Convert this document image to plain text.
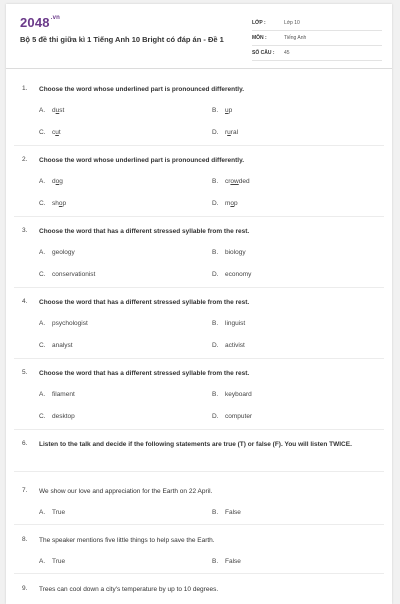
$2048^{.vn}$
Bộ 5 đề thi giữa kì 1 Tiếng Anh 10 Bright có đáp án - Đề 1
LỚP :	Lớp 10
MÔN :	Tiếng Anh
SỐ CÂU : 45
1. Choose the word whose underlined part is pronounced differently.
A. dust	B. up
C. cut	D. rural
2. Choose the word whose underlined part is pronounced differently.
A. dog	B. crowded
C. shop	D. mop
3. Choose the word that has a different stressed syllable from the rest.
A. geology	B. biology
C. conservationist	D. economy
4. Choose the word that has a different stressed syllable from the rest.
A. psychologist	B. linguist
C. analyst	D. activist
5. Choose the word that has a different stressed syllable from the rest.
A. filament	B. keyboard
C. desktop	D. computer
6. Listen to the talk and decide if the following statements are true (T) or false (F). You will listen TWICE.
7. We show our love and appreciation for the Earth on 22 April.
A. True	B. False
8. The speaker mentions five little things to help save the Earth.
A. True	B. False
9. Trees can cool down a city's temperature by up to 10 degrees.
